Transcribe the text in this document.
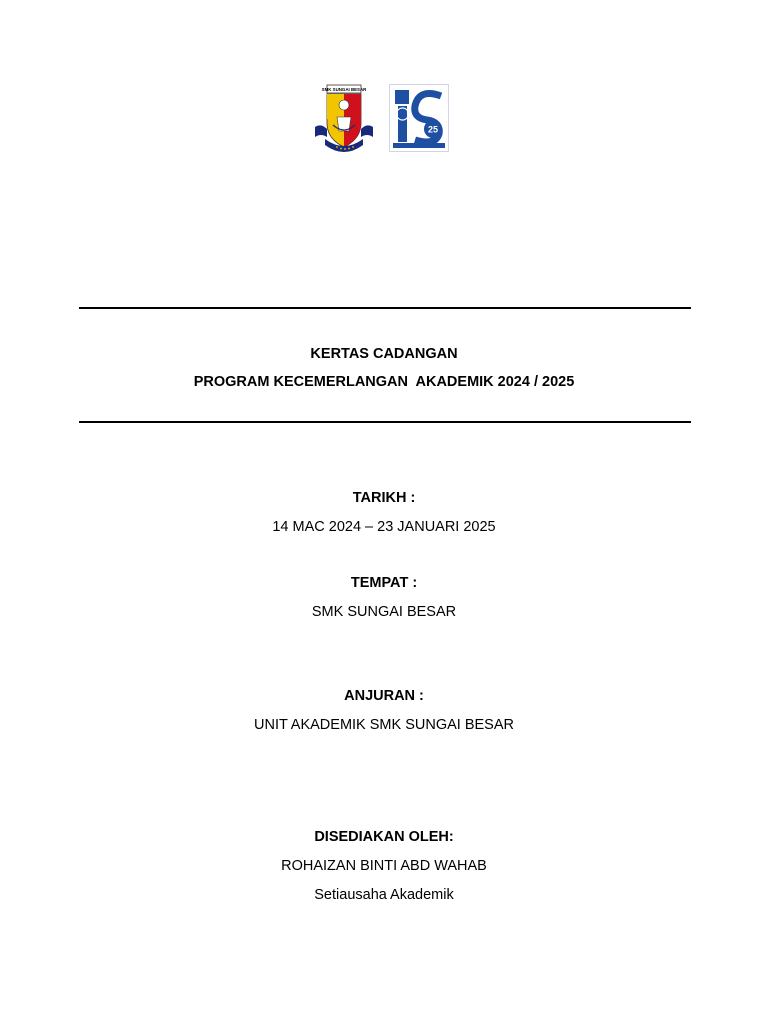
SMK SUNGAI BESAR
25
KERTAS CADANGAN
PROGRAM KECEMERLANGAN  AKADEMIK 2024 / 2025
TARIKH :
14 MAC 2024 – 23 JANUARI 2025
TEMPAT :
SMK SUNGAI BESAR
ANJURAN :
UNIT AKADEMIK SMK SUNGAI BESAR
DISEDIAKAN OLEH:
ROHAIZAN BINTI ABD WAHAB
Setiausaha Akademik
